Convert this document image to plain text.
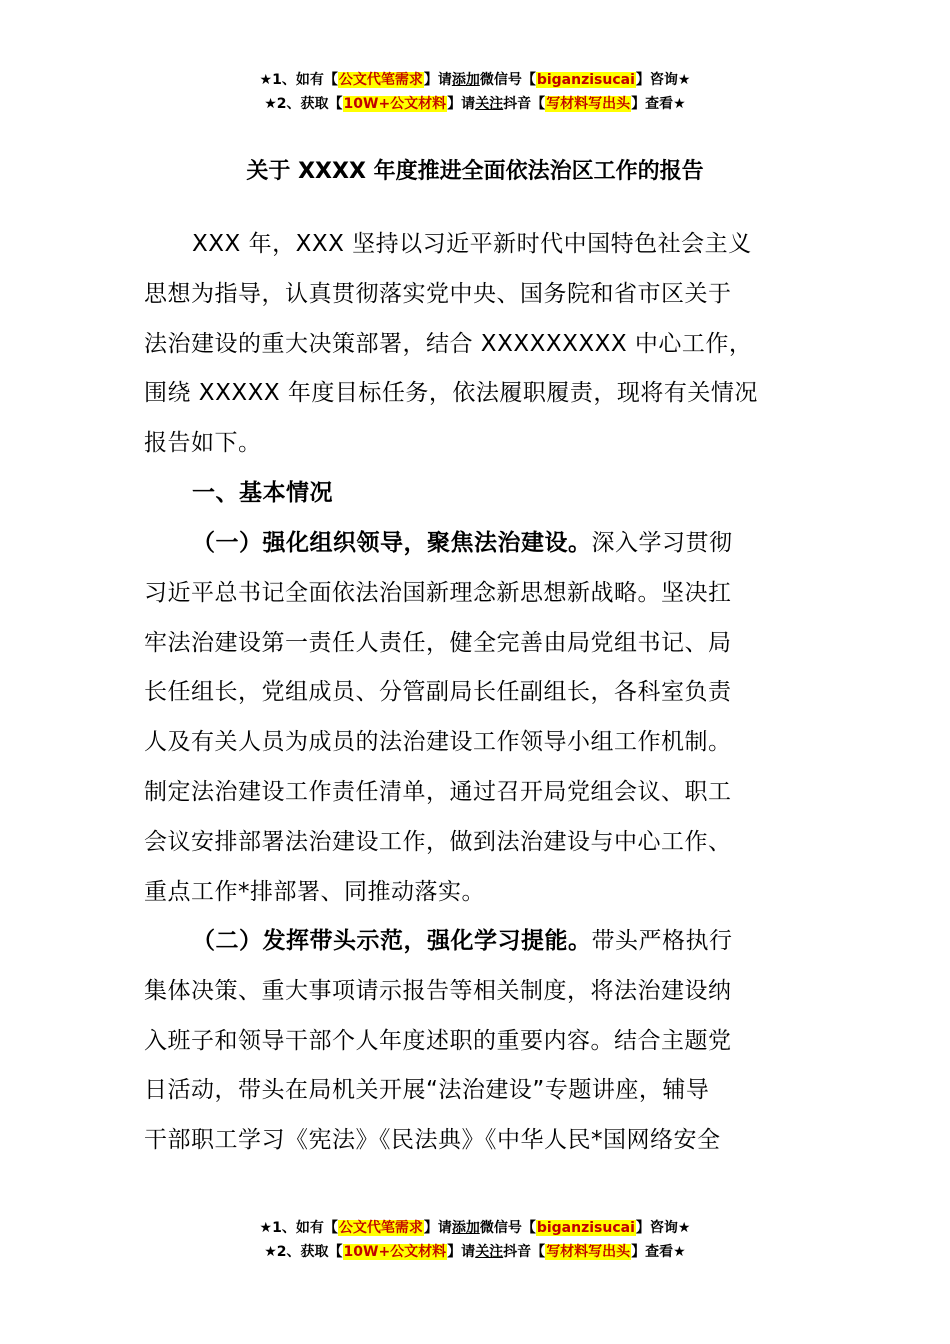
★1、如有【公文代笔需求】请添加微信号【biganzisucai】咨询★
★2、获取【10W+公文材料】请关注抖音【写材料写出头】查看★
关于 XXXX 年度推进全面依法治区工作的报告
XXX 年，XXX 坚持以习近平新时代中国特色社会主义
思想为指导，认真贯彻落实党中央、国务院和省市区关于
法治建设的重大决策部署，结合 XXXXXXXXX 中心工作，
围绕 XXXXX 年度目标任务，依法履职履责，现将有关情况
报告如下。
一、基本情况
（一）强化组织领导，聚焦法治建设。深入学习贯彻
习近平总书记全面依法治国新理念新思想新战略。坚决扛
牢法治建设第一责任人责任，健全完善由局党组书记、局
长任组长，党组成员、分管副局长任副组长，各科室负责
人及有关人员为成员的法治建设工作领导小组工作机制。
制定法治建设工作责任清单，通过召开局党组会议、职工
会议安排部署法治建设工作，做到法治建设与中心工作、
重点工作*排部署、同推动落实。
（二）发挥带头示范，强化学习提能。带头严格执行
集体决策、重大事项请示报告等相关制度，将法治建设纳
入班子和领导干部个人年度述职的重要内容。结合主题党
日活动，带头在局机关开展“法治建设”专题讲座，辅导
干部职工学习《宪法》《民法典》《中华人民*国网络安全
★1、如有【公文代笔需求】请添加微信号【biganzisucai】咨询★
★2、获取【10W+公文材料】请关注抖音【写材料写出头】查看★
